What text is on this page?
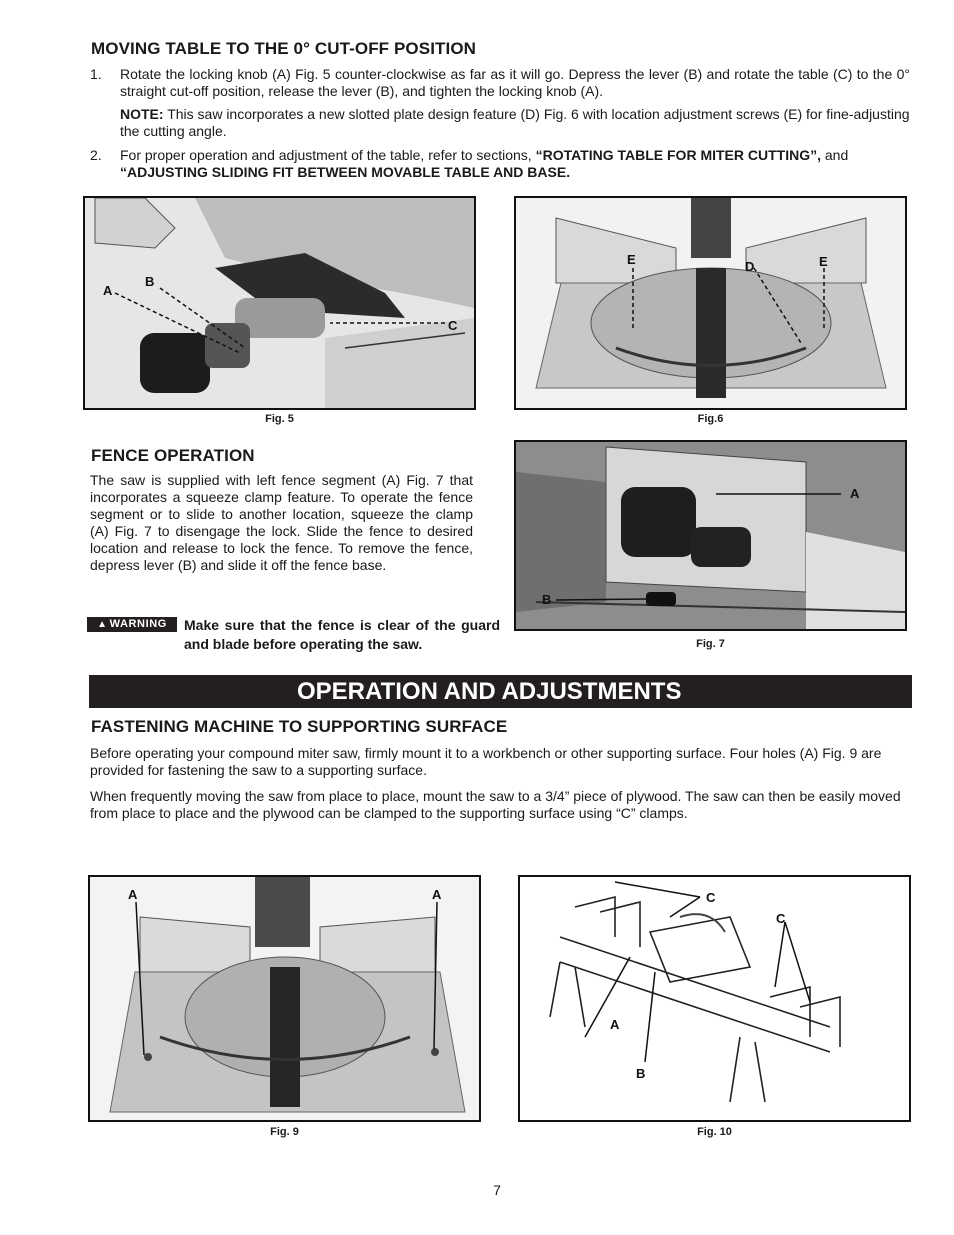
MOVING TABLE TO THE 0° CUT-OFF POSITION
1. Rotate the locking knob (A) Fig. 5 counter-clockwise as far as it will go. Depress the lever (B) and rotate the table (C) to the 0° straight cut-off position, release the lever (B), and tighten the locking knob (A).
NOTE: This saw incorporates a new slotted plate design feature (D) Fig. 6 with location adjustment screws (E) for fine-adjusting the cutting angle.
2. For proper operation and adjustment of the table, refer to sections, “ROTATING TABLE FOR MITER CUTTING”, and “ADJUSTING SLIDING FIT BETWEEN MOVABLE TABLE AND BASE.
A
B
C
Fig. 5
E	D	E
Fig.6
FENCE OPERATION
The saw is supplied with left fence segment (A) Fig. 7 that incorporates a squeeze clamp feature. To operate the fence segment or to slide to another location, squeeze the clamp (A) Fig. 7 to disengage the lock. Slide the fence to desired location and release to lock the fence. To remove the fence, depress lever (B) and slide it off the fence base.
▲ WARNING	Make sure that the fence is clear of the guard and blade before operating the saw.
A
B
Fig. 7
OPERATION AND ADJUSTMENTS
FASTENING MACHINE TO SUPPORTING SURFACE
Before operating your compound miter saw, firmly mount it to a workbench or other supporting surface. Four holes (A) Fig. 9 are provided for fastening the saw to a supporting surface.
When frequently moving the saw from place to place, mount the saw to a 3/4” piece of plywood. The saw can then be easily moved from place to place and the plywood can be clamped to the supporting surface using “C” clamps.
A	A
Fig. 9
C
C
A
B
Fig. 10
7
